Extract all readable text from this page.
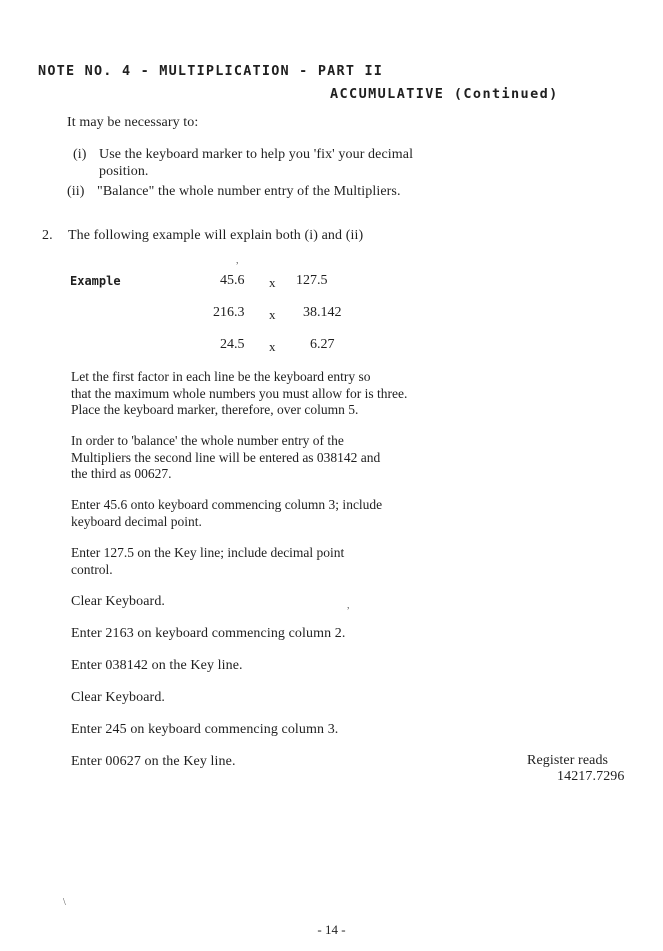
NOTE NO. 4 - MULTIPLICATION - PART II
ACCUMULATIVE (Continued)
It may be necessary to:
(i) Use the keyboard marker to help you 'fix' your decimal
position.
(ii) "Balance" the whole number entry of the Multipliers.
2. The following example will explain both (i) and (ii)
Example	45.6 x 127.5
216.3 x 38.142
24.5 x 6.27
Let the first factor in each line be the keyboard entry so
that the maximum whole numbers you must allow for is three.
Place the keyboard marker, therefore, over column 5.
In order to 'balance' the whole number entry of the
Multipliers the second line will be entered as 038142 and
the third as 00627.
Enter 45.6 onto keyboard commencing column 3; include
keyboard decimal point.
Enter 127.5 on the Key line; include decimal point
control.
Clear Keyboard.
Enter 2163 on keyboard commencing column 2.
Enter 038142 on the Key line.
Clear Keyboard.
Enter 245 on keyboard commencing column 3.
Enter 00627 on the Key line.	Register reads
14217.7296
,
,
\
- 14 -
